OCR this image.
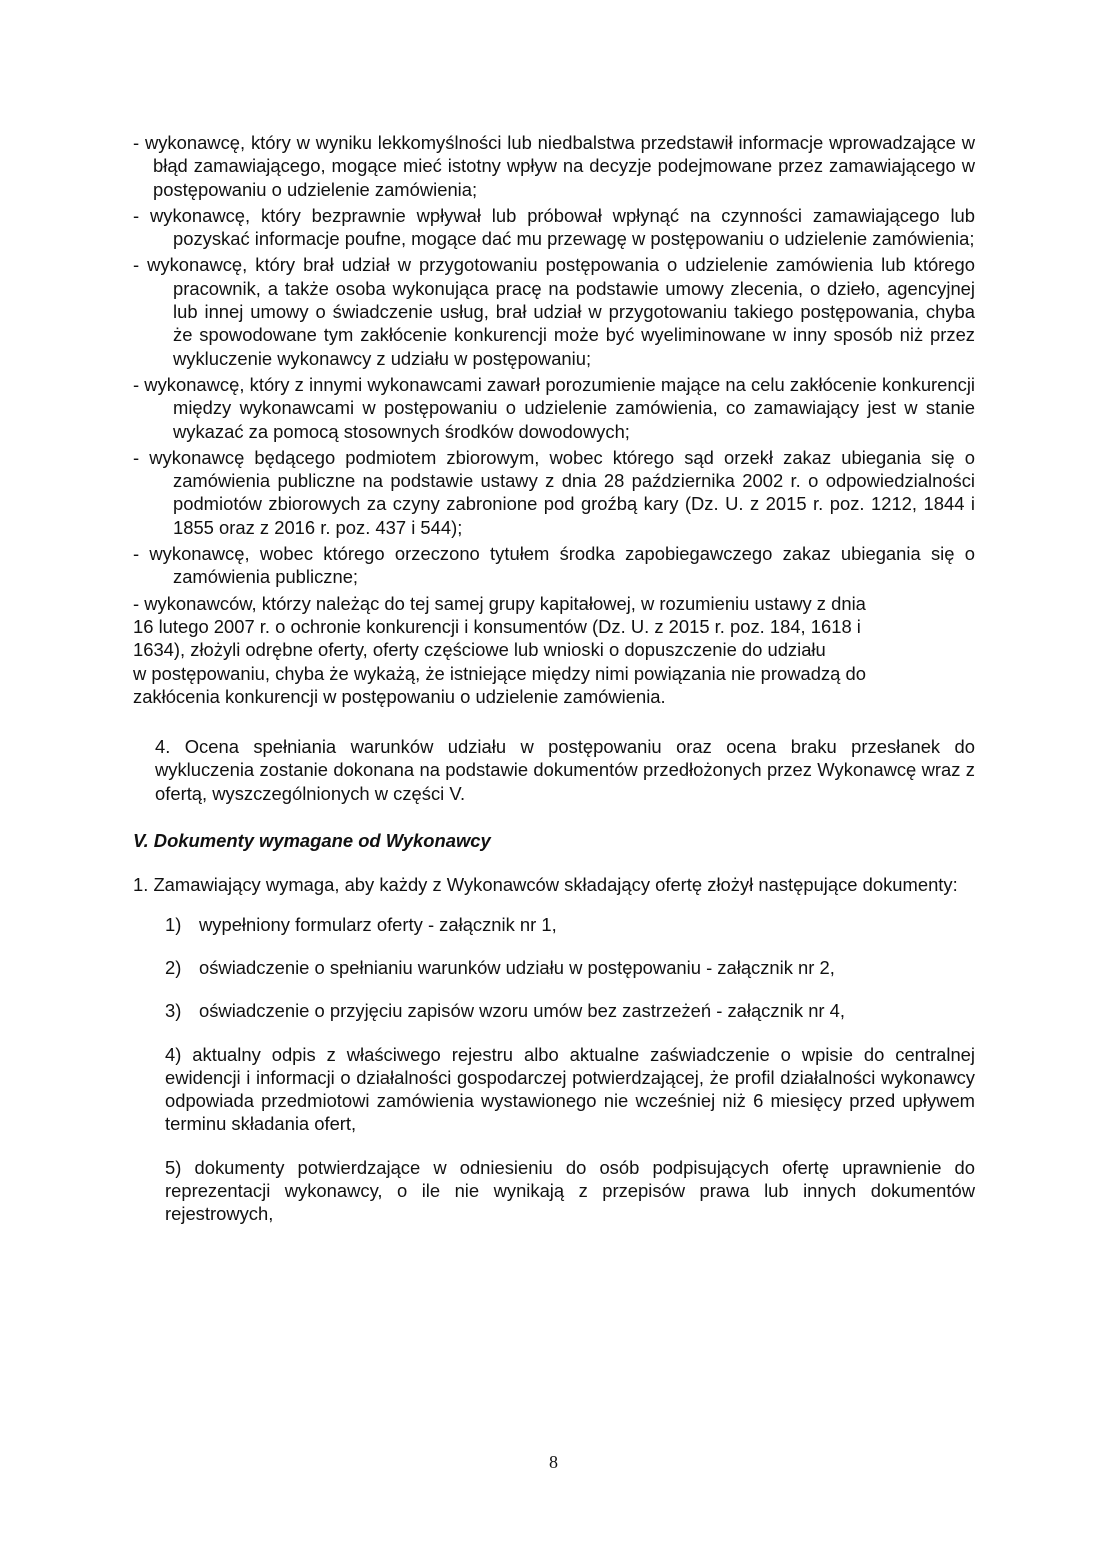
- wykonawcę, który w wyniku lekkomyślności lub niedbalstwa przedstawił informacje wprowadzające w błąd zamawiającego, mogące mieć istotny wpływ na decyzje podejmowane przez zamawiającego w postępowaniu o udzielenie zamówienia;

- wykonawcę, który bezprawnie wpływał lub próbował wpłynąć na czynności zamawiającego lub pozyskać informacje poufne, mogące dać mu przewagę w postępowaniu o udzielenie zamówienia;

- wykonawcę, który brał udział w przygotowaniu postępowania o udzielenie zamówienia lub którego pracownik, a także osoba wykonująca pracę na podstawie umowy zlecenia, o dzieło, agencyjnej lub innej umowy o świadczenie usług, brał udział w przygotowaniu takiego postępowania, chyba że spowodowane tym zakłócenie konkurencji może być wyeliminowane w inny sposób niż przez wykluczenie wykonawcy z udziału w postępowaniu;

- wykonawcę, który z innymi wykonawcami zawarł porozumienie mające na celu zakłócenie konkurencji między wykonawcami w postępowaniu o udzielenie zamówienia, co zamawiający jest w stanie wykazać za pomocą stosownych środków dowodowych;

- wykonawcę będącego podmiotem zbiorowym, wobec którego sąd orzekł zakaz ubiegania się o zamówienia publiczne na podstawie ustawy z dnia 28 października 2002 r. o odpowiedzialności podmiotów zbiorowych za czyny zabronione pod groźbą kary (Dz. U. z 2015 r. poz. 1212, 1844 i 1855 oraz z 2016 r. poz. 437 i 544);

- wykonawcę, wobec którego orzeczono tytułem środka zapobiegawczego zakaz ubiegania się o zamówienia publiczne;

- wykonawców, którzy należąc do tej samej grupy kapitałowej, w rozumieniu ustawy z dnia
16 lutego 2007 r. o ochronie konkurencji i konsumentów (Dz. U. z 2015 r. poz. 184, 1618 i
1634), złożyli odrębne oferty, oferty częściowe lub wnioski o dopuszczenie do udziału
w postępowaniu, chyba że wykażą, że istniejące między nimi powiązania nie prowadzą do
zakłócenia konkurencji w postępowaniu o udzielenie zamówienia.

4. Ocena spełniania warunków udziału w postępowaniu oraz ocena braku przesłanek do wykluczenia zostanie dokonana na podstawie dokumentów przedłożonych przez Wykonawcę wraz z ofertą, wyszczególnionych w części V.

V. Dokumenty wymagane od Wykonawcy

1. Zamawiający wymaga, aby każdy z Wykonawców składający ofertę złożył następujące dokumenty:

1) wypełniony formularz oferty - załącznik nr 1,
2) oświadczenie o spełnianiu warunków udziału w postępowaniu - załącznik nr 2,
3) oświadczenie o przyjęciu zapisów wzoru umów bez zastrzeżeń - załącznik nr 4,
4) aktualny odpis z właściwego rejestru albo aktualne zaświadczenie o wpisie do centralnej ewidencji i informacji o działalności gospodarczej potwierdzającej, że profil działalności wykonawcy odpowiada przedmiotowi zamówienia wystawionego nie wcześniej niż 6 miesięcy przed upływem terminu składania ofert,
5) dokumenty potwierdzające w odniesieniu do osób podpisujących ofertę uprawnienie do reprezentacji wykonawcy, o ile nie wynikają z przepisów prawa lub innych dokumentów rejestrowych,
8
